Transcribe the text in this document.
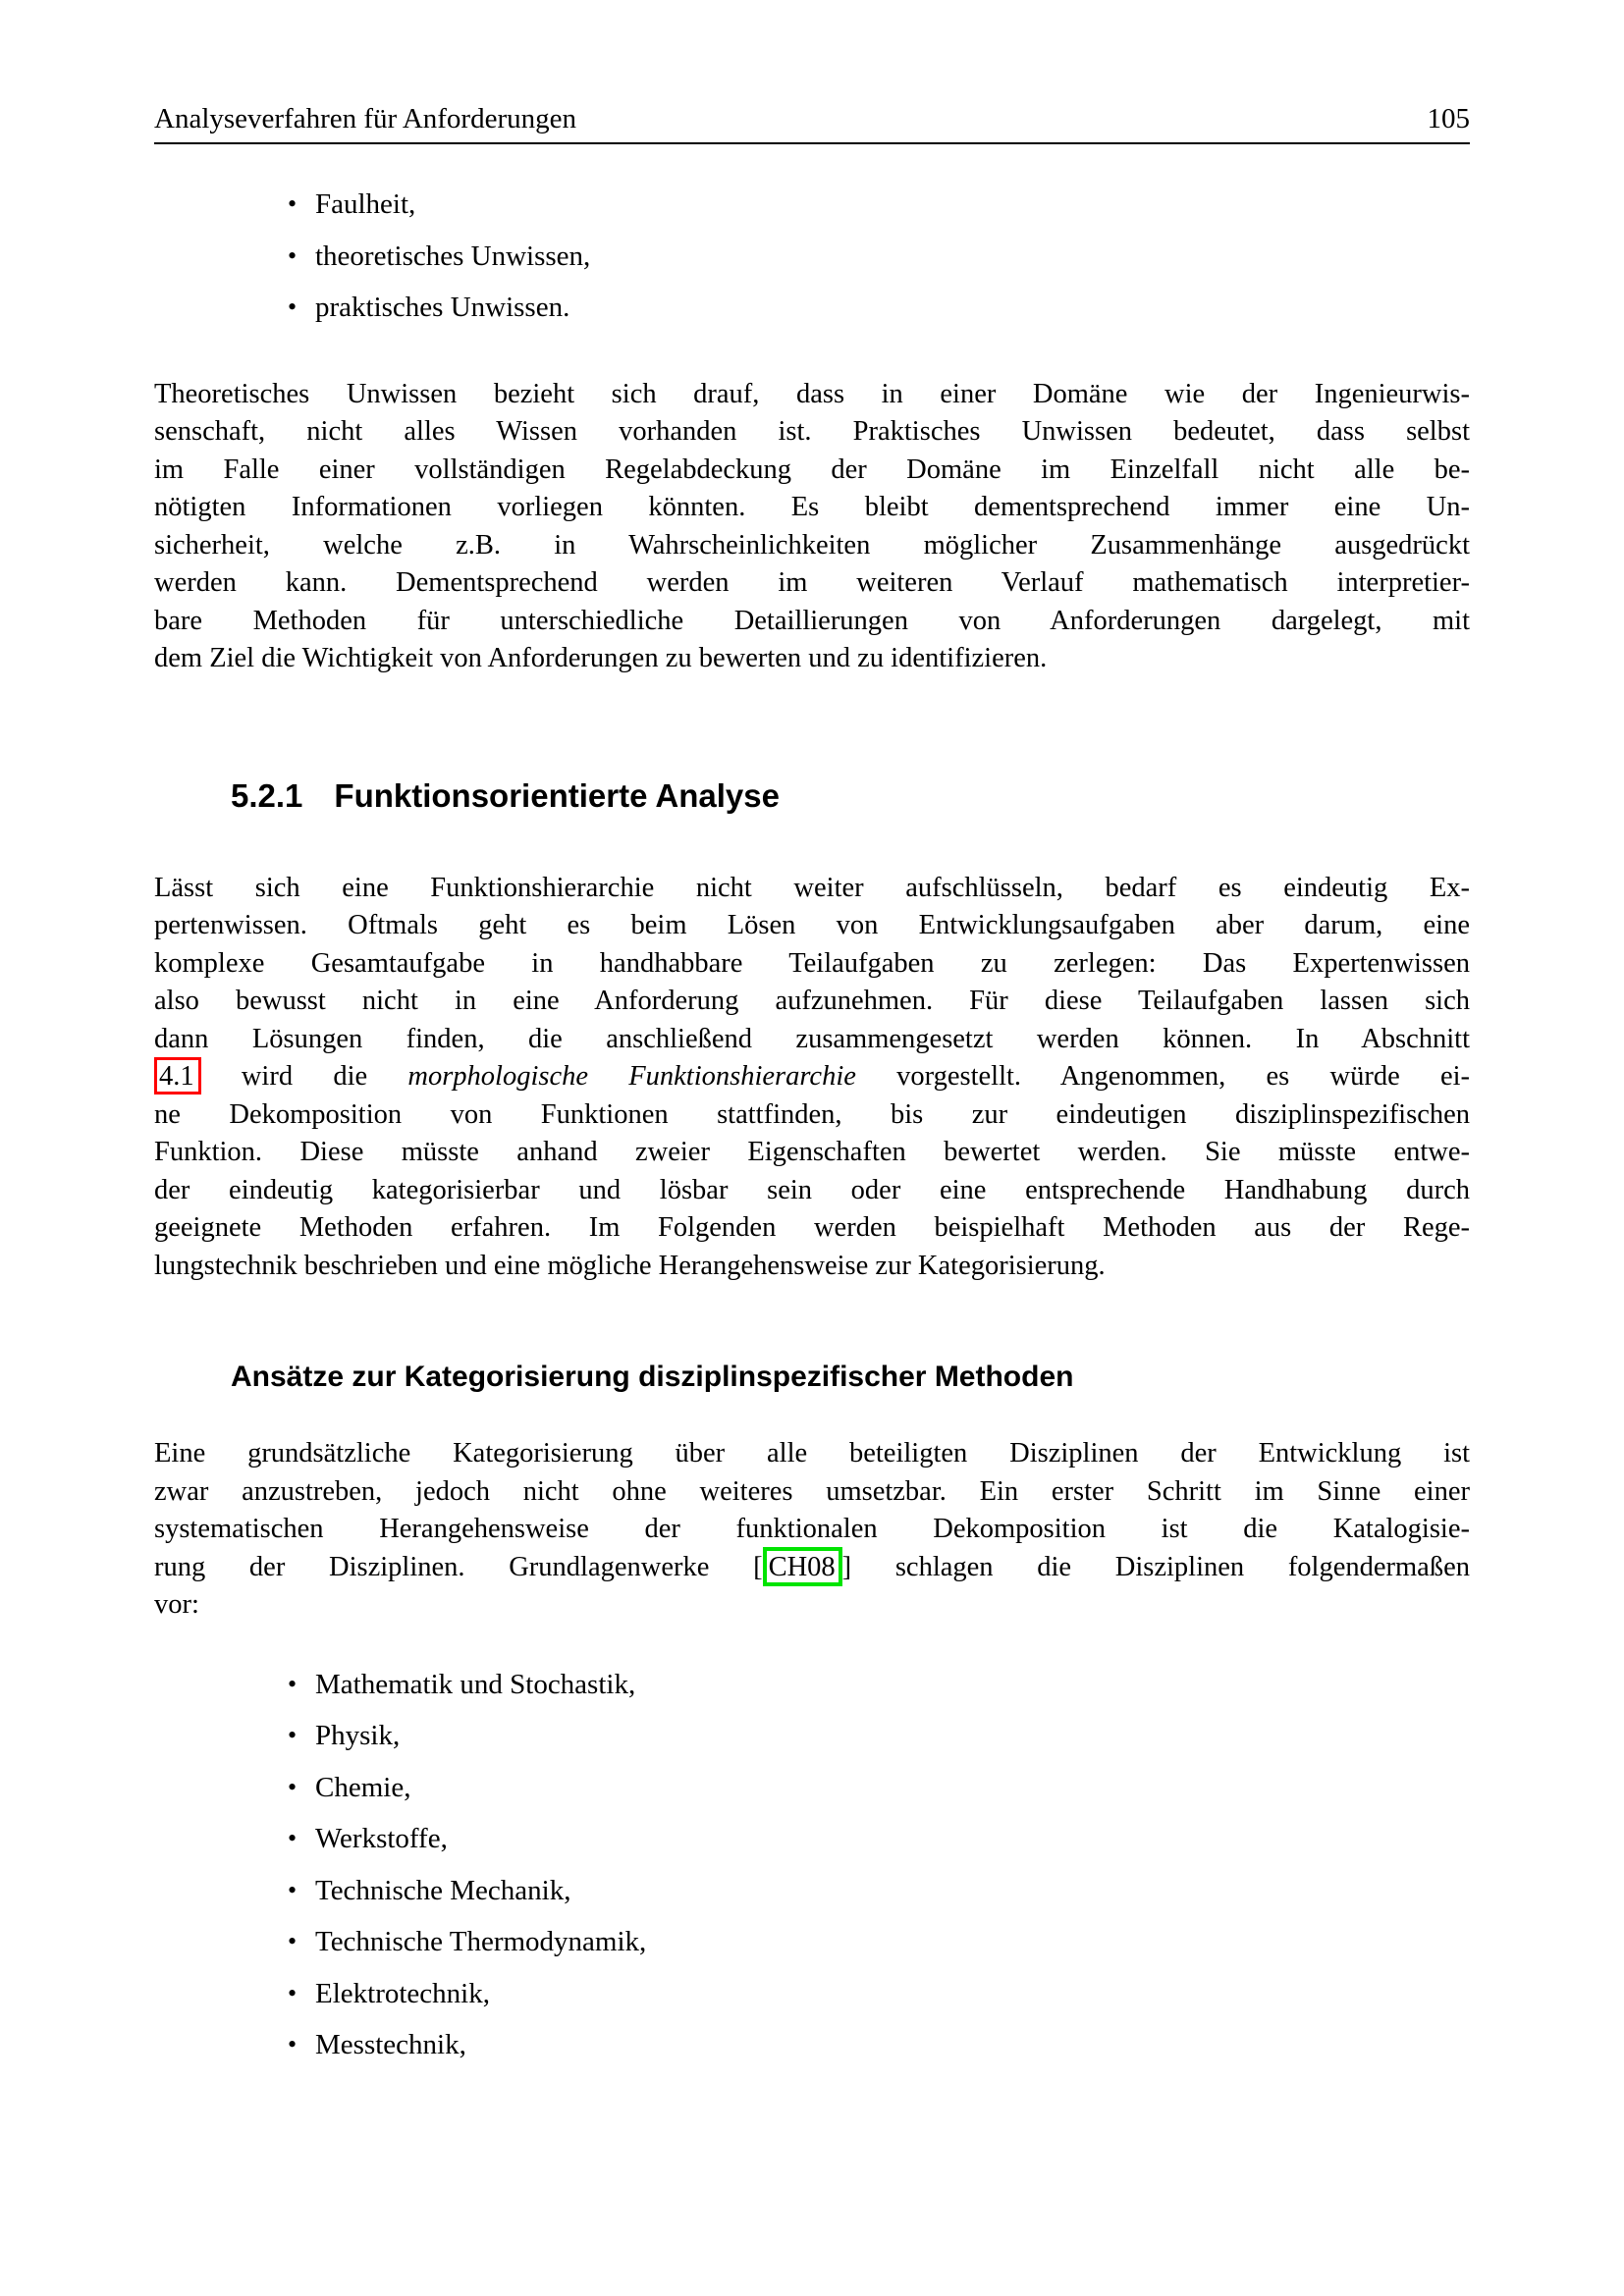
Analyseverfahren für Anforderungen	105
• Faulheit,
• theoretisches Unwissen,
• praktisches Unwissen.
Theoretisches Unwissen bezieht sich drauf, dass in einer Domäne wie der Ingenieurwis-
senschaft, nicht alles Wissen vorhanden ist. Praktisches Unwissen bedeutet, dass selbst
im Falle einer vollständigen Regelabdeckung der Domäne im Einzelfall nicht alle be-
nötigten Informationen vorliegen könnten. Es bleibt dementsprechend immer eine Un-
sicherheit, welche z.B. in Wahrscheinlichkeiten möglicher Zusammenhänge ausgedrückt
werden kann. Dementsprechend werden im weiteren Verlauf mathematisch interpretier-
bare Methoden für unterschiedliche Detaillierungen von Anforderungen dargelegt, mit
dem Ziel die Wichtigkeit von Anforderungen zu bewerten und zu identifizieren.
5.2.1 Funktionsorientierte Analyse
Lässt sich eine Funktionshierarchie nicht weiter aufschlüsseln, bedarf es eindeutig Ex-
pertenwissen. Oftmals geht es beim Lösen von Entwicklungsaufgaben aber darum, eine
komplexe Gesamtaufgabe in handhabbare Teilaufgaben zu zerlegen: Das Expertenwissen
also bewusst nicht in eine Anforderung aufzunehmen. Für diese Teilaufgaben lassen sich
dann Lösungen finden, die anschließend zusammengesetzt werden können. In Abschnitt
4.1 wird die morphologische Funktionshierarchie vorgestellt. Angenommen, es würde ei-
ne Dekomposition von Funktionen stattfinden, bis zur eindeutigen disziplinspezifischen
Funktion. Diese müsste anhand zweier Eigenschaften bewertet werden. Sie müsste entwe-
der eindeutig kategorisierbar und lösbar sein oder eine entsprechende Handhabung durch
geeignete Methoden erfahren. Im Folgenden werden beispielhaft Methoden aus der Rege-
lungstechnik beschrieben und eine mögliche Herangehensweise zur Kategorisierung.
Ansätze zur Kategorisierung disziplinspezifischer Methoden
Eine grundsätzliche Kategorisierung über alle beteiligten Disziplinen der Entwicklung ist
zwar anzustreben, jedoch nicht ohne weiteres umsetzbar. Ein erster Schritt im Sinne einer
systematischen Herangehensweise der funktionalen Dekomposition ist die Katalogisie-
rung der Disziplinen. Grundlagenwerke [ CH08 ] schlagen die Disziplinen folgendermaßen
vor:
• Mathematik und Stochastik,
• Physik,
• Chemie,
• Werkstoffe,
• Technische Mechanik,
• Technische Thermodynamik,
• Elektrotechnik,
• Messtechnik,
